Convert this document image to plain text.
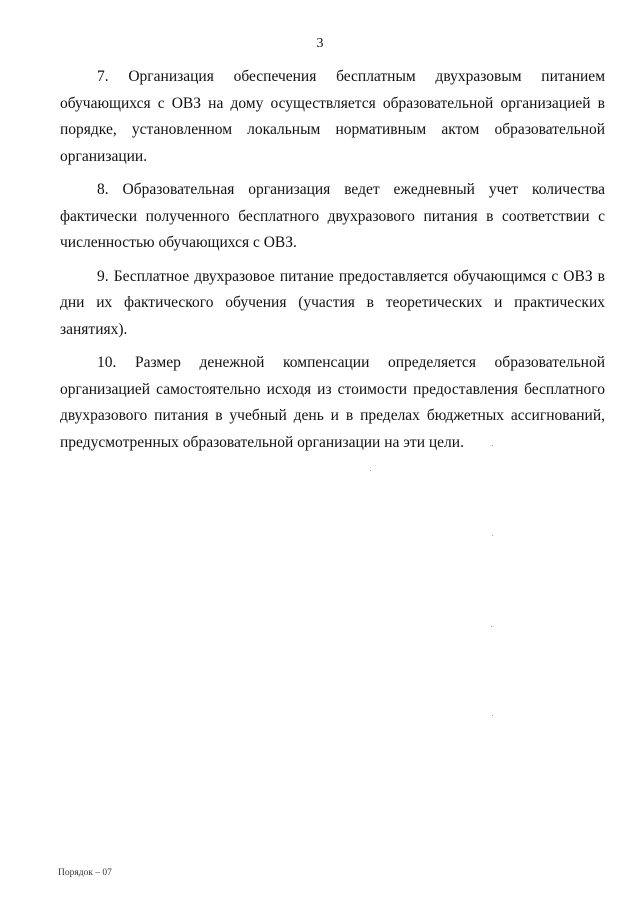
3

7. Организация обеспечения бесплатным двухразовым питанием обучающихся с ОВЗ на дому осуществляется образовательной организацией в порядке, установленном локальным нормативным актом образовательной организации.

8. Образовательная организация ведет ежедневный учет количества фактически полученного бесплатного двухразового питания в соответствии с численностью обучающихся с ОВЗ.

9. Бесплатное двухразовое питание предоставляется обучающимся с ОВЗ в дни их фактического обучения (участия в теоретических и практических занятиях).

10. Размер денежной компенсации определяется образовательной организацией самостоятельно исходя из стоимости предоставления бесплатного двухразового питания в учебный день и в пределах бюджетных ассигнований, предусмотренных образовательной организации на эти цели.

Порядок – 07
